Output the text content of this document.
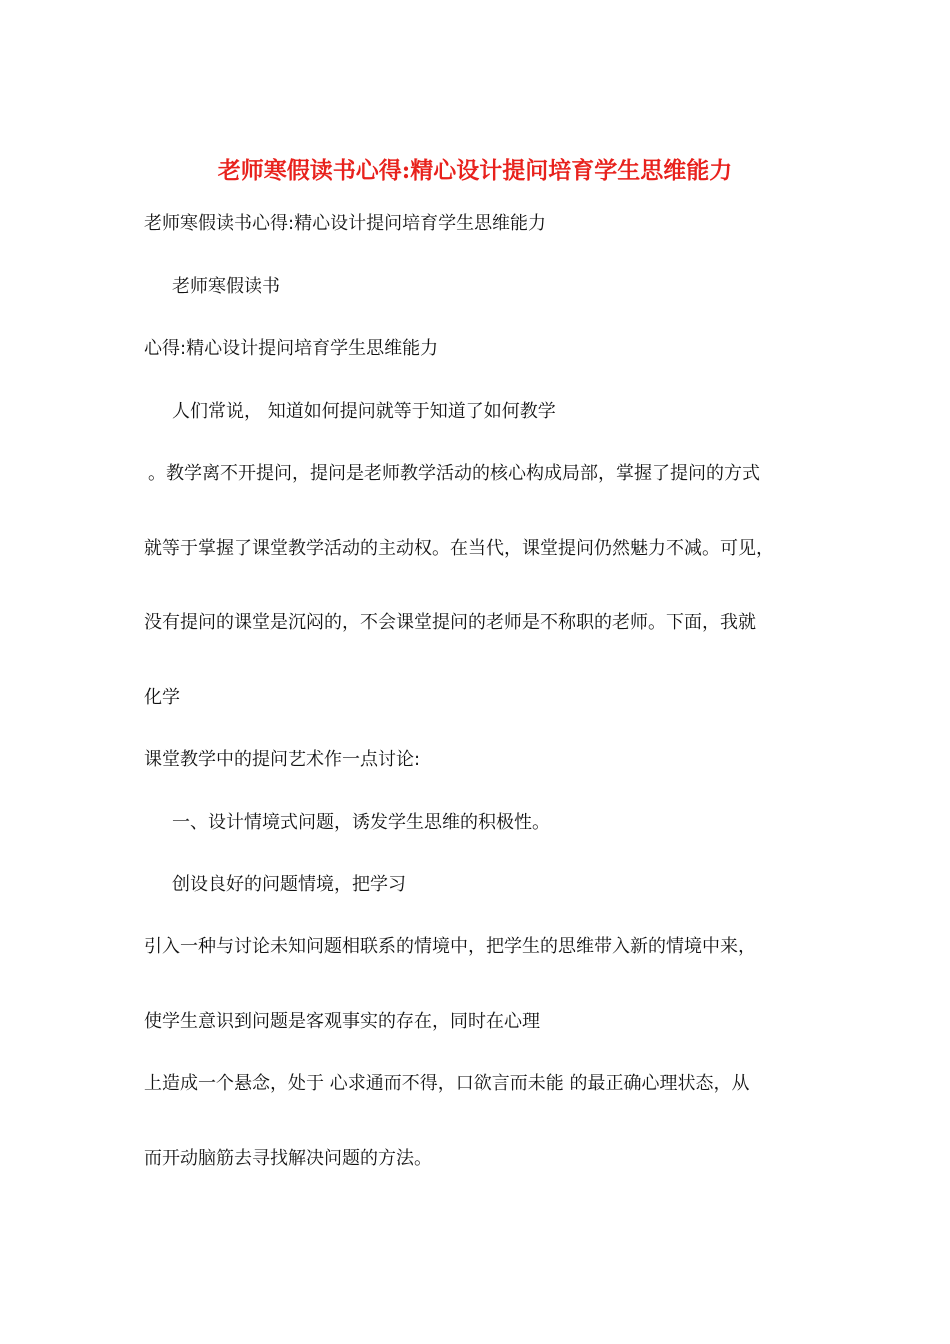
老师寒假读书心得:精心设计提问培育学生思维能力
老师寒假读书心得:精心设计提问培育学生思维能力
老师寒假读书
心得:精心设计提问培育学生思维能力
人们常说， 知道如何提问就等于知道了如何教学
。教学离不开提问，提问是老师教学活动的核心构成局部，掌握了提问的方式
就等于掌握了课堂教学活动的主动权。在当代，课堂提问仍然魅力不减。可见，
没有提问的课堂是沉闷的，不会课堂提问的老师是不称职的老师。下面，我就
化学
课堂教学中的提问艺术作一点讨论:
一、设计情境式问题，诱发学生思维的积极性。
创设良好的问题情境，把学习
引入一种与讨论未知问题相联系的情境中，把学生的思维带入新的情境中来，
使学生意识到问题是客观事实的存在，同时在心理
上造成一个悬念，处于 心求通而不得，口欲言而未能 的最正确心理状态，从
而开动脑筋去寻找解决问题的方法。
